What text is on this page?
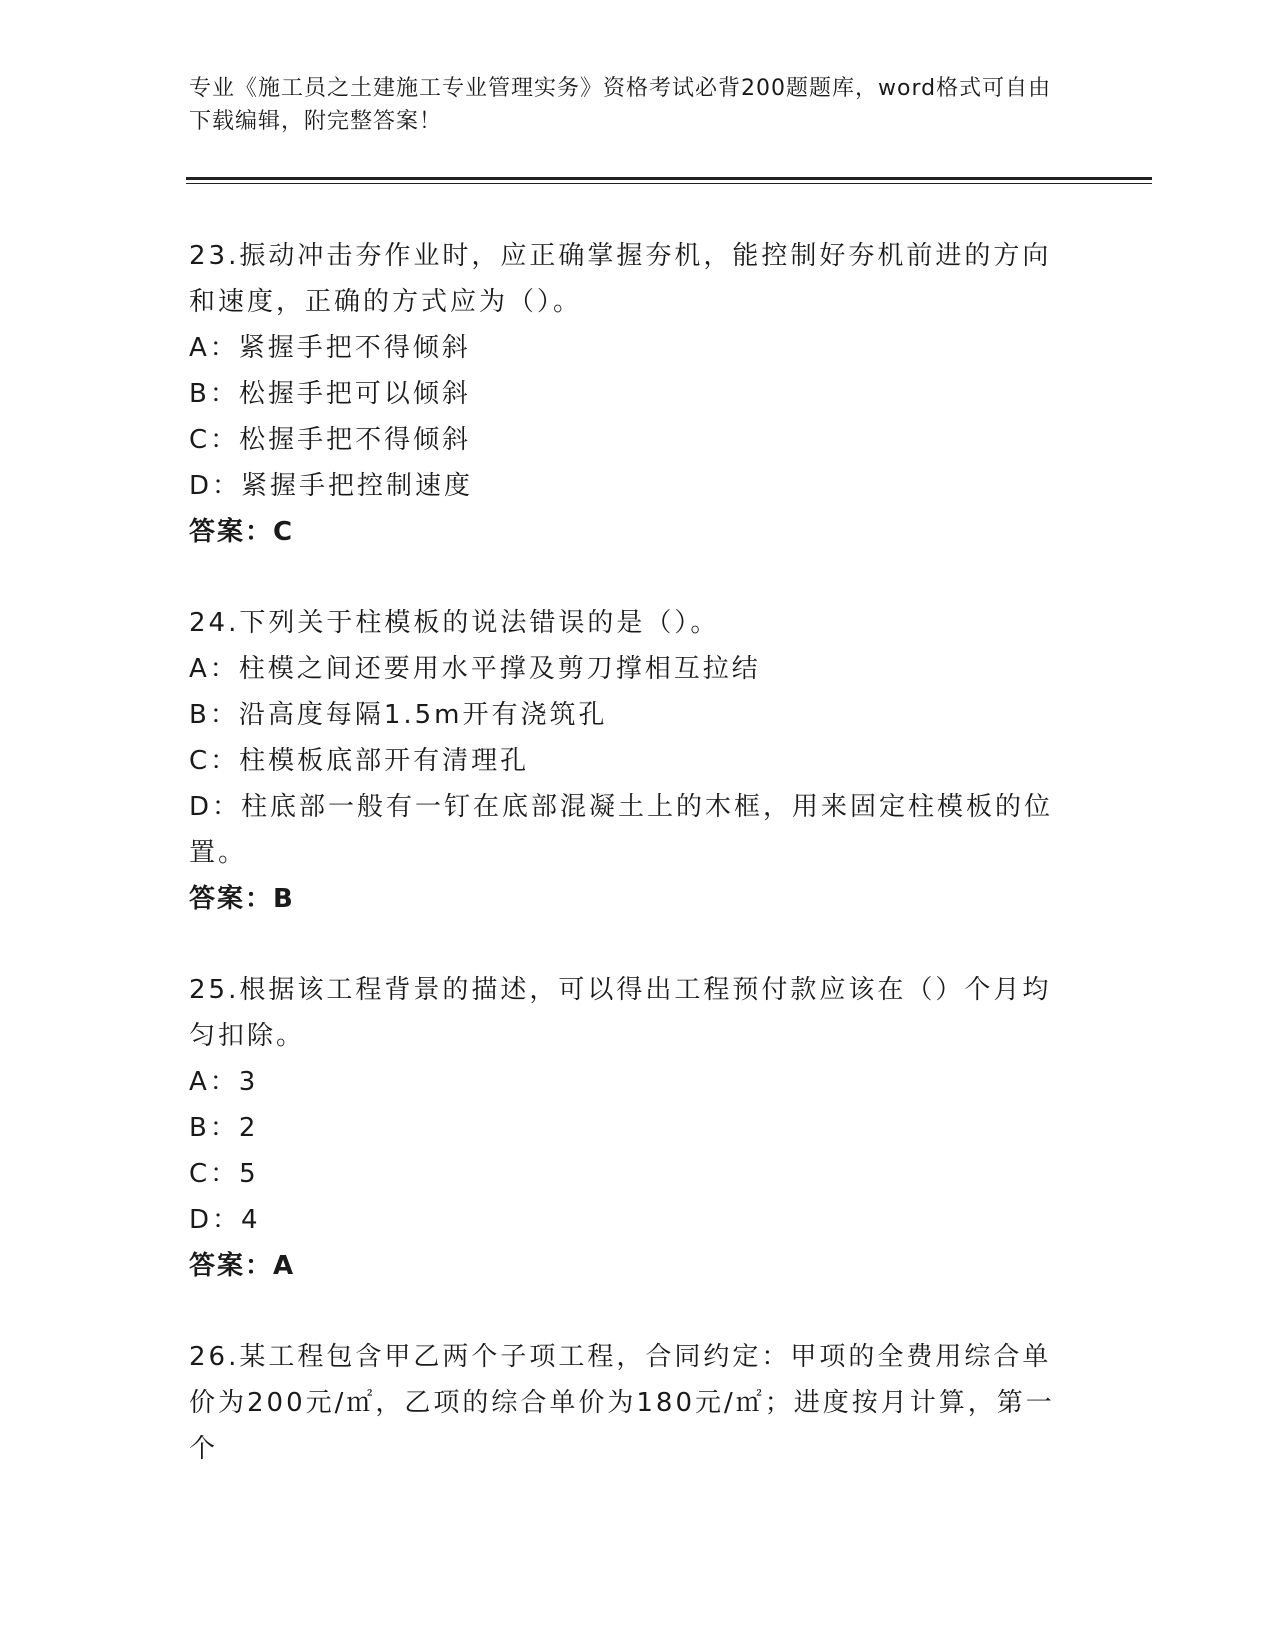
专业《施工员之土建施工专业管理实务》资格考试必背200题题库，word格式可自由下载编辑，附完整答案！

23.振动冲击夯作业时，应正确掌握夯机，能控制好夯机前进的方向和速度，正确的方式应为（）。

A：紧握手把不得倾斜

B：松握手把可以倾斜

C：松握手把不得倾斜

D：紧握手把控制速度

答案：C

24.下列关于柱模板的说法错误的是（）。

A：柱模之间还要用水平撑及剪刀撑相互拉结

B：沿高度每隔1.5m开有浇筑孔

C：柱模板底部开有清理孔

D：柱底部一般有一钉在底部混凝土上的木框，用来固定柱模板的位置。

答案：B

25.根据该工程背景的描述，可以得出工程预付款应该在（）个月均匀扣除。

A：3

B：2

C：5

D：4

答案：A

26.某工程包含甲乙两个子项工程，合同约定：甲项的全费用综合单价为200元/㎡，乙项的综合单价为180元/㎡；进度按月计算，第一个
